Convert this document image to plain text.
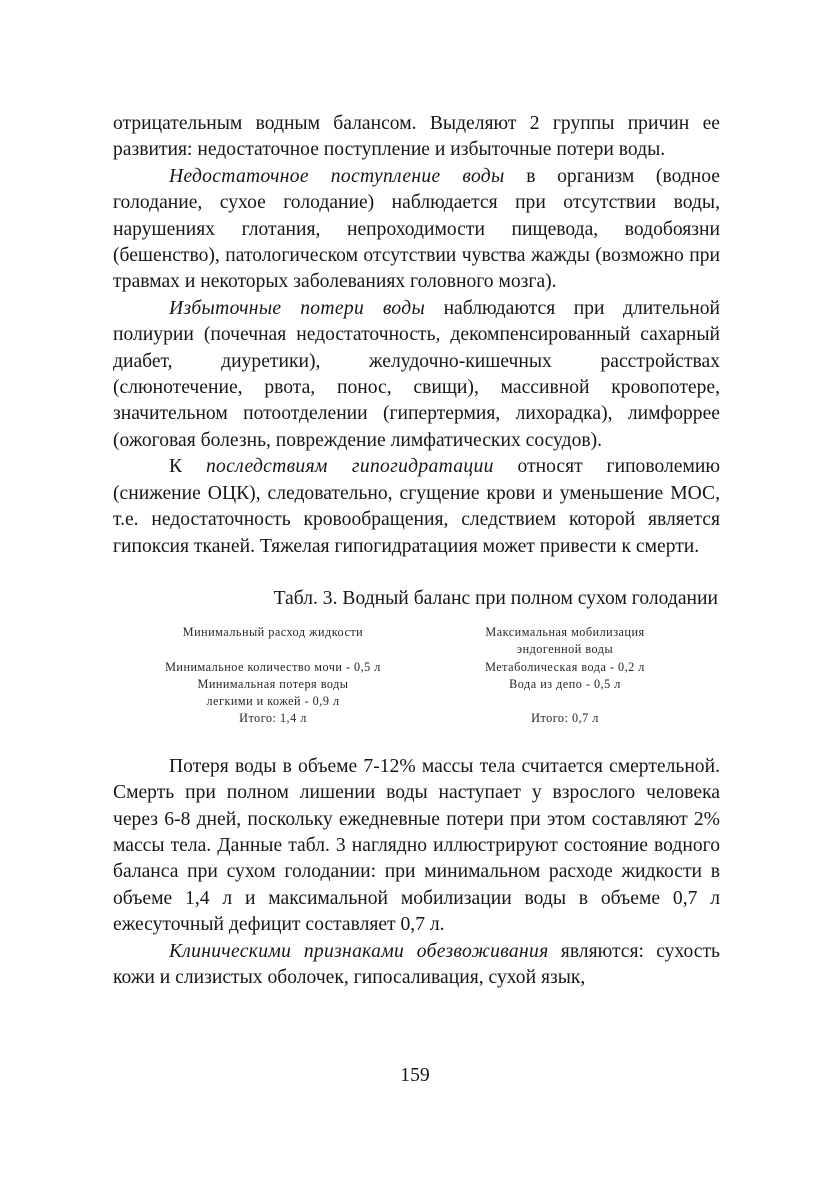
отрицательным водным балансом. Выделяют 2 группы причин ее развития: недостаточное поступление и избыточные потери воды.

Недостаточное поступление воды в организм (водное голодание, сухое голодание) наблюдается при отсутствии воды, нарушениях глотания, непроходимости пищевода, водобоязни (бешенство), патологическом отсутствии чувства жажды (возможно при травмах и некоторых заболеваниях головного мозга).

Избыточные потери воды наблюдаются при длительной полиурии (почечная недостаточность, декомпенсированный сахарный диабет, диуретики), желудочно-кишечных расстройствах (слюнотечение, рвота, понос, свищи), массивной кровопотере, значительном потоотделении (гипертермия, лихорадка), лимфоррее (ожоговая болезнь, повреждение лимфатических сосудов).

К последствиям гипогидратации относят гиповолемию (снижение ОЦК), следовательно, сгущение крови и уменьшение МОС, т.е. недостаточность кровообращения, следствием которой является гипоксия тканей. Тяжелая гипогидратациия может привести к смерти.

Табл. 3. Водный баланс при полном сухом голодании

Минимальный расход жидкости
Минимальное количество мочи - 0,5 л
Минимальная потеря воды
легкими и кожей - 0,9 л
Итого: 1,4 л
Максимальная мобилизация
эндогенной воды
Метаболическая вода - 0,2 л
Вода из депо - 0,5 л
Итого: 0,7 л

Потеря воды в объеме 7-12% массы тела считается смертельной. Смерть при полном лишении воды наступает у взрослого человека через 6-8 дней, поскольку ежедневные потери при этом составляют 2% массы тела. Данные табл. 3 наглядно иллюстрируют состояние водного баланса при сухом голодании: при минимальном расходе жидкости в объеме 1,4 л и максимальной мобилизации воды в объеме 0,7 л ежесуточный дефицит составляет 0,7 л.

Клиническими признаками обезвоживания являются: сухость кожи и слизистых оболочек, гипосаливация, сухой язык,

159
